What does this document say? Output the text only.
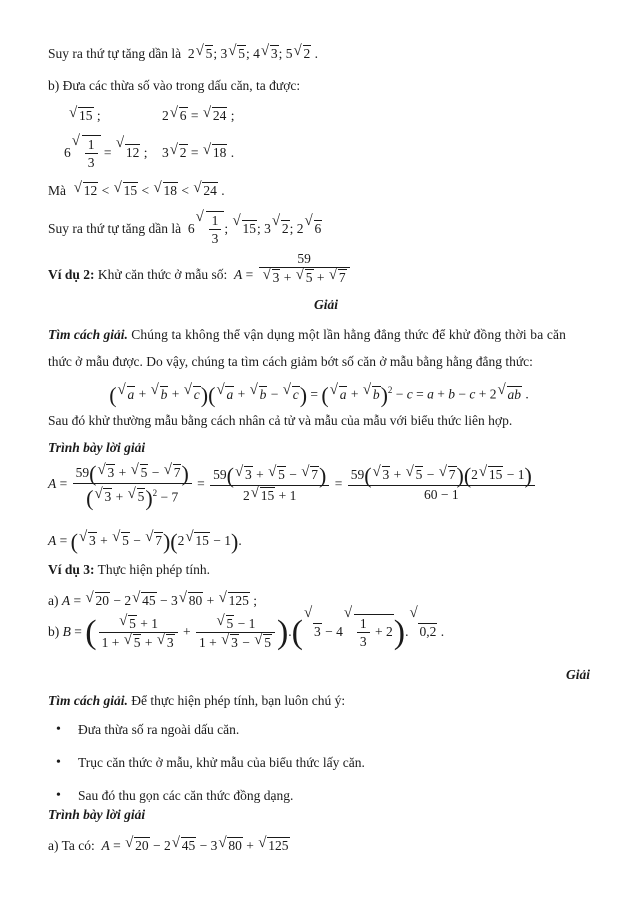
Suy ra thứ tự tăng dần là  2√ 5; 3√ 5; 4√ 3; 5√ 2 .
b) Đưa các thừa số vào trong dấu căn, ta được:
√ 15 ;	2√ 6 = √ 24 ;
6
√ $\frac{1}{3}$ = √ 12 ; 3√ 2 = √ 18 .
Mà  √ 12 < √ 15 < √ 18 < √ 24 .
Suy ra thứ tự tăng dần là  6
√ $\frac{1}{3}$ ; √ 15; 3√ 2; 2√ 6
Ví dụ 2: Khử căn thức ở mẫu số:  A = 59
√ 3 + √ 5 + √ 7
Giải
Tìm cách giải. Chúng ta không thể vận dụng một lần hằng đẳng thức để khử đồng thời ba căn
thức ở mẫu được. Do vậy, chúng ta tìm cách giảm bớt số căn ở mẫu bằng hằng đẳng thức:
(√ a + √ b + √ c)(√ a + √ b − √ c) = (√ a + √ b)$^2$ − c = a + b − c + 2√ ab .
Sau đó khử thường mẫu bằng cách nhân cả tử và mẫu của mẫu với biểu thức liên hợp.
Trình bày lời giải
$A = \frac{59(√ 3 + √ 5 - √ 7)}{(√ 3 + √ 5)^2 - 7} = \frac{59(√ 3 + √ 5 - √ 7)}{2√ 15 + 1} = \frac{59(√ 3 + √ 5 - √ 7)(2√ 15 - 1)}{60 - 1}$
A = (√ 3 + √ 5 − √ 7)(2√ 15 − 1).
Ví dụ 3: Thực hiện phép tính.
a) A = √ 20 − 2√ 45 − 3√ 80 + √ 125 ;
b) B = (
√ $\frac{5 + 1}{1 + √ 5 + √ 3}$ +
√ $\frac{5 - 1}{1 + √ 3 - √ 5}$ ).(√ 3 − 4
√ $\frac{1}{3} + 2).√$ 0,2 .
Giải
Tìm cách giải. Để thực hiện phép tính, bạn luôn chú ý:
• Đưa thừa số ra ngoài dấu căn.
• Trục căn thức ở mẫu, khử mẫu của biểu thức lấy căn.
• Sau đó thu gọn các căn thức đồng dạng.
Trình bày lời giải
a) Ta có: A = √ 20 − 2√ 45 − 3√ 80 + √ 125
